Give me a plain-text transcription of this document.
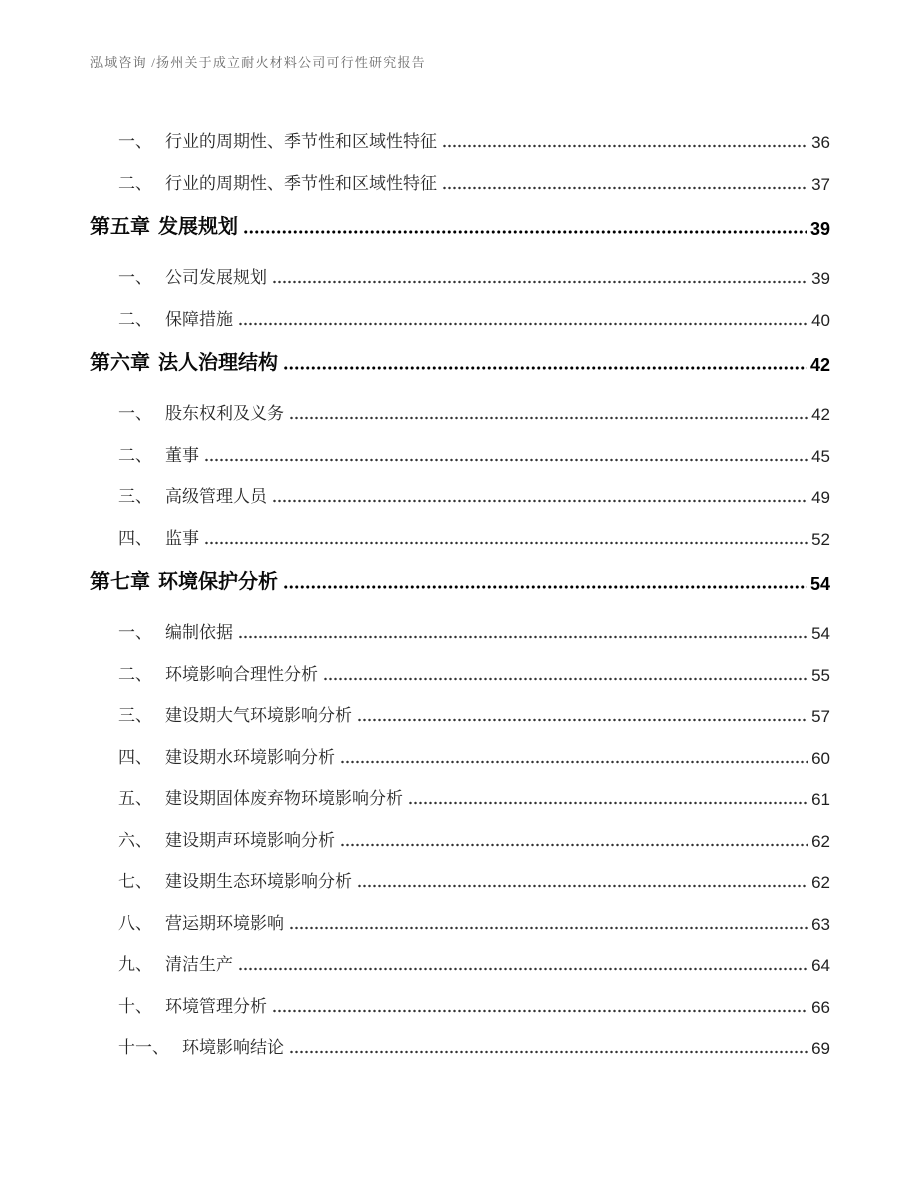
泓域咨询 /扬州关于成立耐火材料公司可行性研究报告
一、 行业的周期性、季节性和区域性特征	36
二、 行业的周期性、季节性和区域性特征	37
第五章 发展规划	39
一、 公司发展规划	39
二、 保障措施	40
第六章 法人治理结构	42
一、 股东权利及义务	42
二、 董事	45
三、 高级管理人员	49
四、 监事	52
第七章 环境保护分析	54
一、 编制依据	54
二、 环境影响合理性分析	55
三、 建设期大气环境影响分析	57
四、 建设期水环境影响分析	60
五、 建设期固体废弃物环境影响分析	61
六、 建设期声环境影响分析	62
七、 建设期生态环境影响分析	62
八、 营运期环境影响	63
九、 清洁生产	64
十、 环境管理分析	66
十一、 环境影响结论	69
